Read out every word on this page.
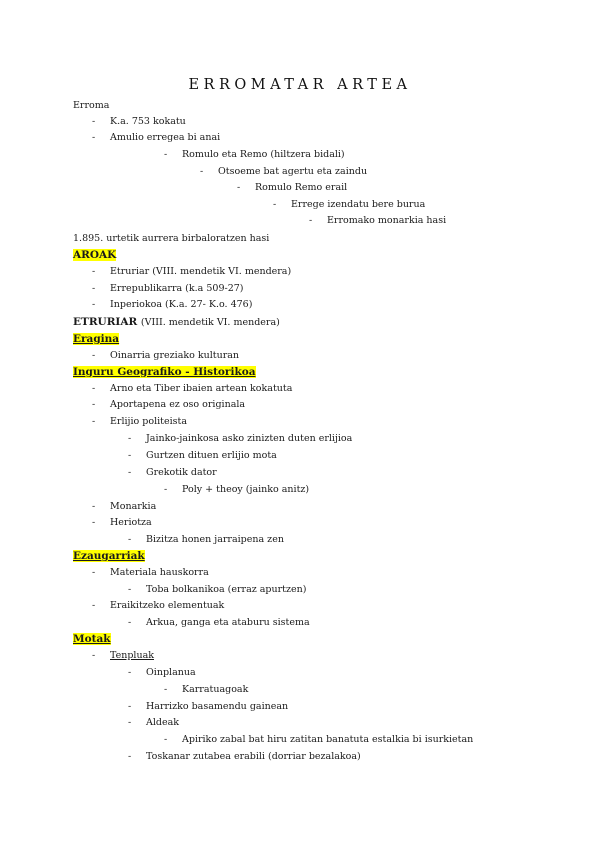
ERROMATAR ARTEA
Erroma
- K.a. 753 kokatu
- Amulio erregea bi anai
- Romulo eta Remo (hiltzera bidali)
- Otsoeme bat agertu eta zaindu
- Romulo Remo erail
- Errege izendatu bere burua
- Erromako monarkia hasi
1.895. urtetik aurrera birbaloratzen hasi
AROAK
- Etruriar (VIII. mendetik VI. mendera)
- Errepublikarra (k.a 509-27)
- Inperiokoa (K.a. 27- K.o. 476)
ETRURIAR (VIII. mendetik VI. mendera)
Eragina
- Oinarria greziako kulturan
Inguru Geografiko - Historikoa
- Arno eta Tiber ibaien artean kokatuta
- Aportapena ez oso originala
- Erlijio politeista
- Jainko-jainkosa asko zinizten duten erlijioa
- Gurtzen dituen erlijio mota
- Grekotik dator
- Poly + theoy (jainko anitz)
- Monarkia
- Heriotza
- Bizitza honen jarraipena zen
Ezaugarriak
- Materiala hauskorra
- Toba bolkanikoa (erraz apurtzen)
- Eraikitzeko elementuak
- Arkua, ganga eta ataburu sistema
Motak
- Tenpluak
- Oinplanua
- Karratuagoak
- Harrizko basamendu gainean
- Aldeak
- Apiriko zabal bat hiru zatitan banatuta estalkia bi isurkietan
- Toskanar zutabea erabili (dorriar bezalakoa)
